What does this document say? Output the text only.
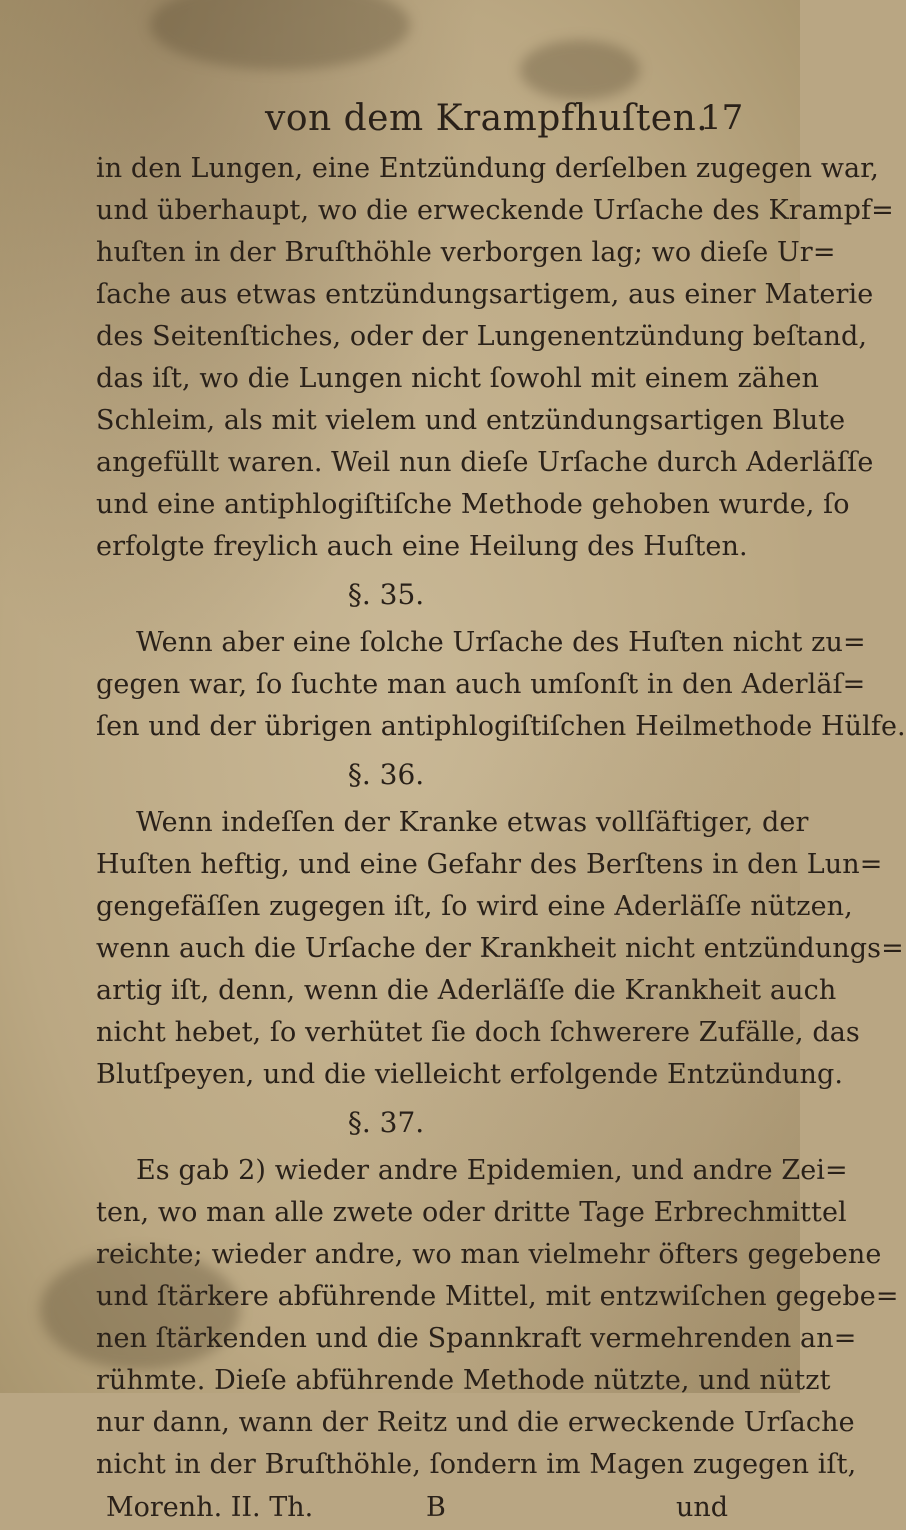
von dem Krampfhuſten.
17
in den Lungen, eine Entzündung derſelben zugegen war,
und überhaupt, wo die erweckende Urſache des Krampf=
huſten in der Bruſthöhle verborgen lag; wo dieſe Ur=
ſache aus etwas entzündungsartigem, aus einer Materie
des Seitenſtiches, oder der Lungenentzündung beſtand,
das iſt, wo die Lungen nicht ſowohl mit einem zähen
Schleim, als mit vielem und entzündungsartigen Blute
angefüllt waren. Weil nun dieſe Urſache durch Aderläſſe
und eine antiphlogiſtiſche Methode gehoben wurde, ſo
erfolgte freylich auch eine Heilung des Huſten.
§. 35.
Wenn aber eine ſolche Urſache des Huſten nicht zu=
gegen war, ſo ſuchte man auch umſonſt in den Aderläſ=
ſen und der übrigen antiphlogiſtiſchen Heilmethode Hülfe.
§. 36.
Wenn indeſſen der Kranke etwas vollſäftiger, der
Huſten heftig, und eine Gefahr des Berſtens in den Lun=
gengefäſſen zugegen iſt, ſo wird eine Aderläſſe nützen,
wenn auch die Urſache der Krankheit nicht entzündungs=
artig iſt, denn, wenn die Aderläſſe die Krankheit auch
nicht hebet, ſo verhütet ſie doch ſchwerere Zufälle, das
Blutſpeyen, und die vielleicht erfolgende Entzündung.
§. 37.
Es gab 2) wieder andre Epidemien, und andre Zei=
ten, wo man alle zwete oder dritte Tage Erbrechmittel
reichte; wieder andre, wo man vielmehr öfters gegebene
und ſtärkere abführende Mittel, mit entzwiſchen gegebe=
nen ſtärkenden und die Spannkraft vermehrenden an=
rühmte. Dieſe abführende Methode nützte, und nützt
nur dann, wann der Reitz und die erweckende Urſache
nicht in der Bruſthöhle, ſondern im Magen zugegen iſt,
Morenh. II. Th.	B	und
